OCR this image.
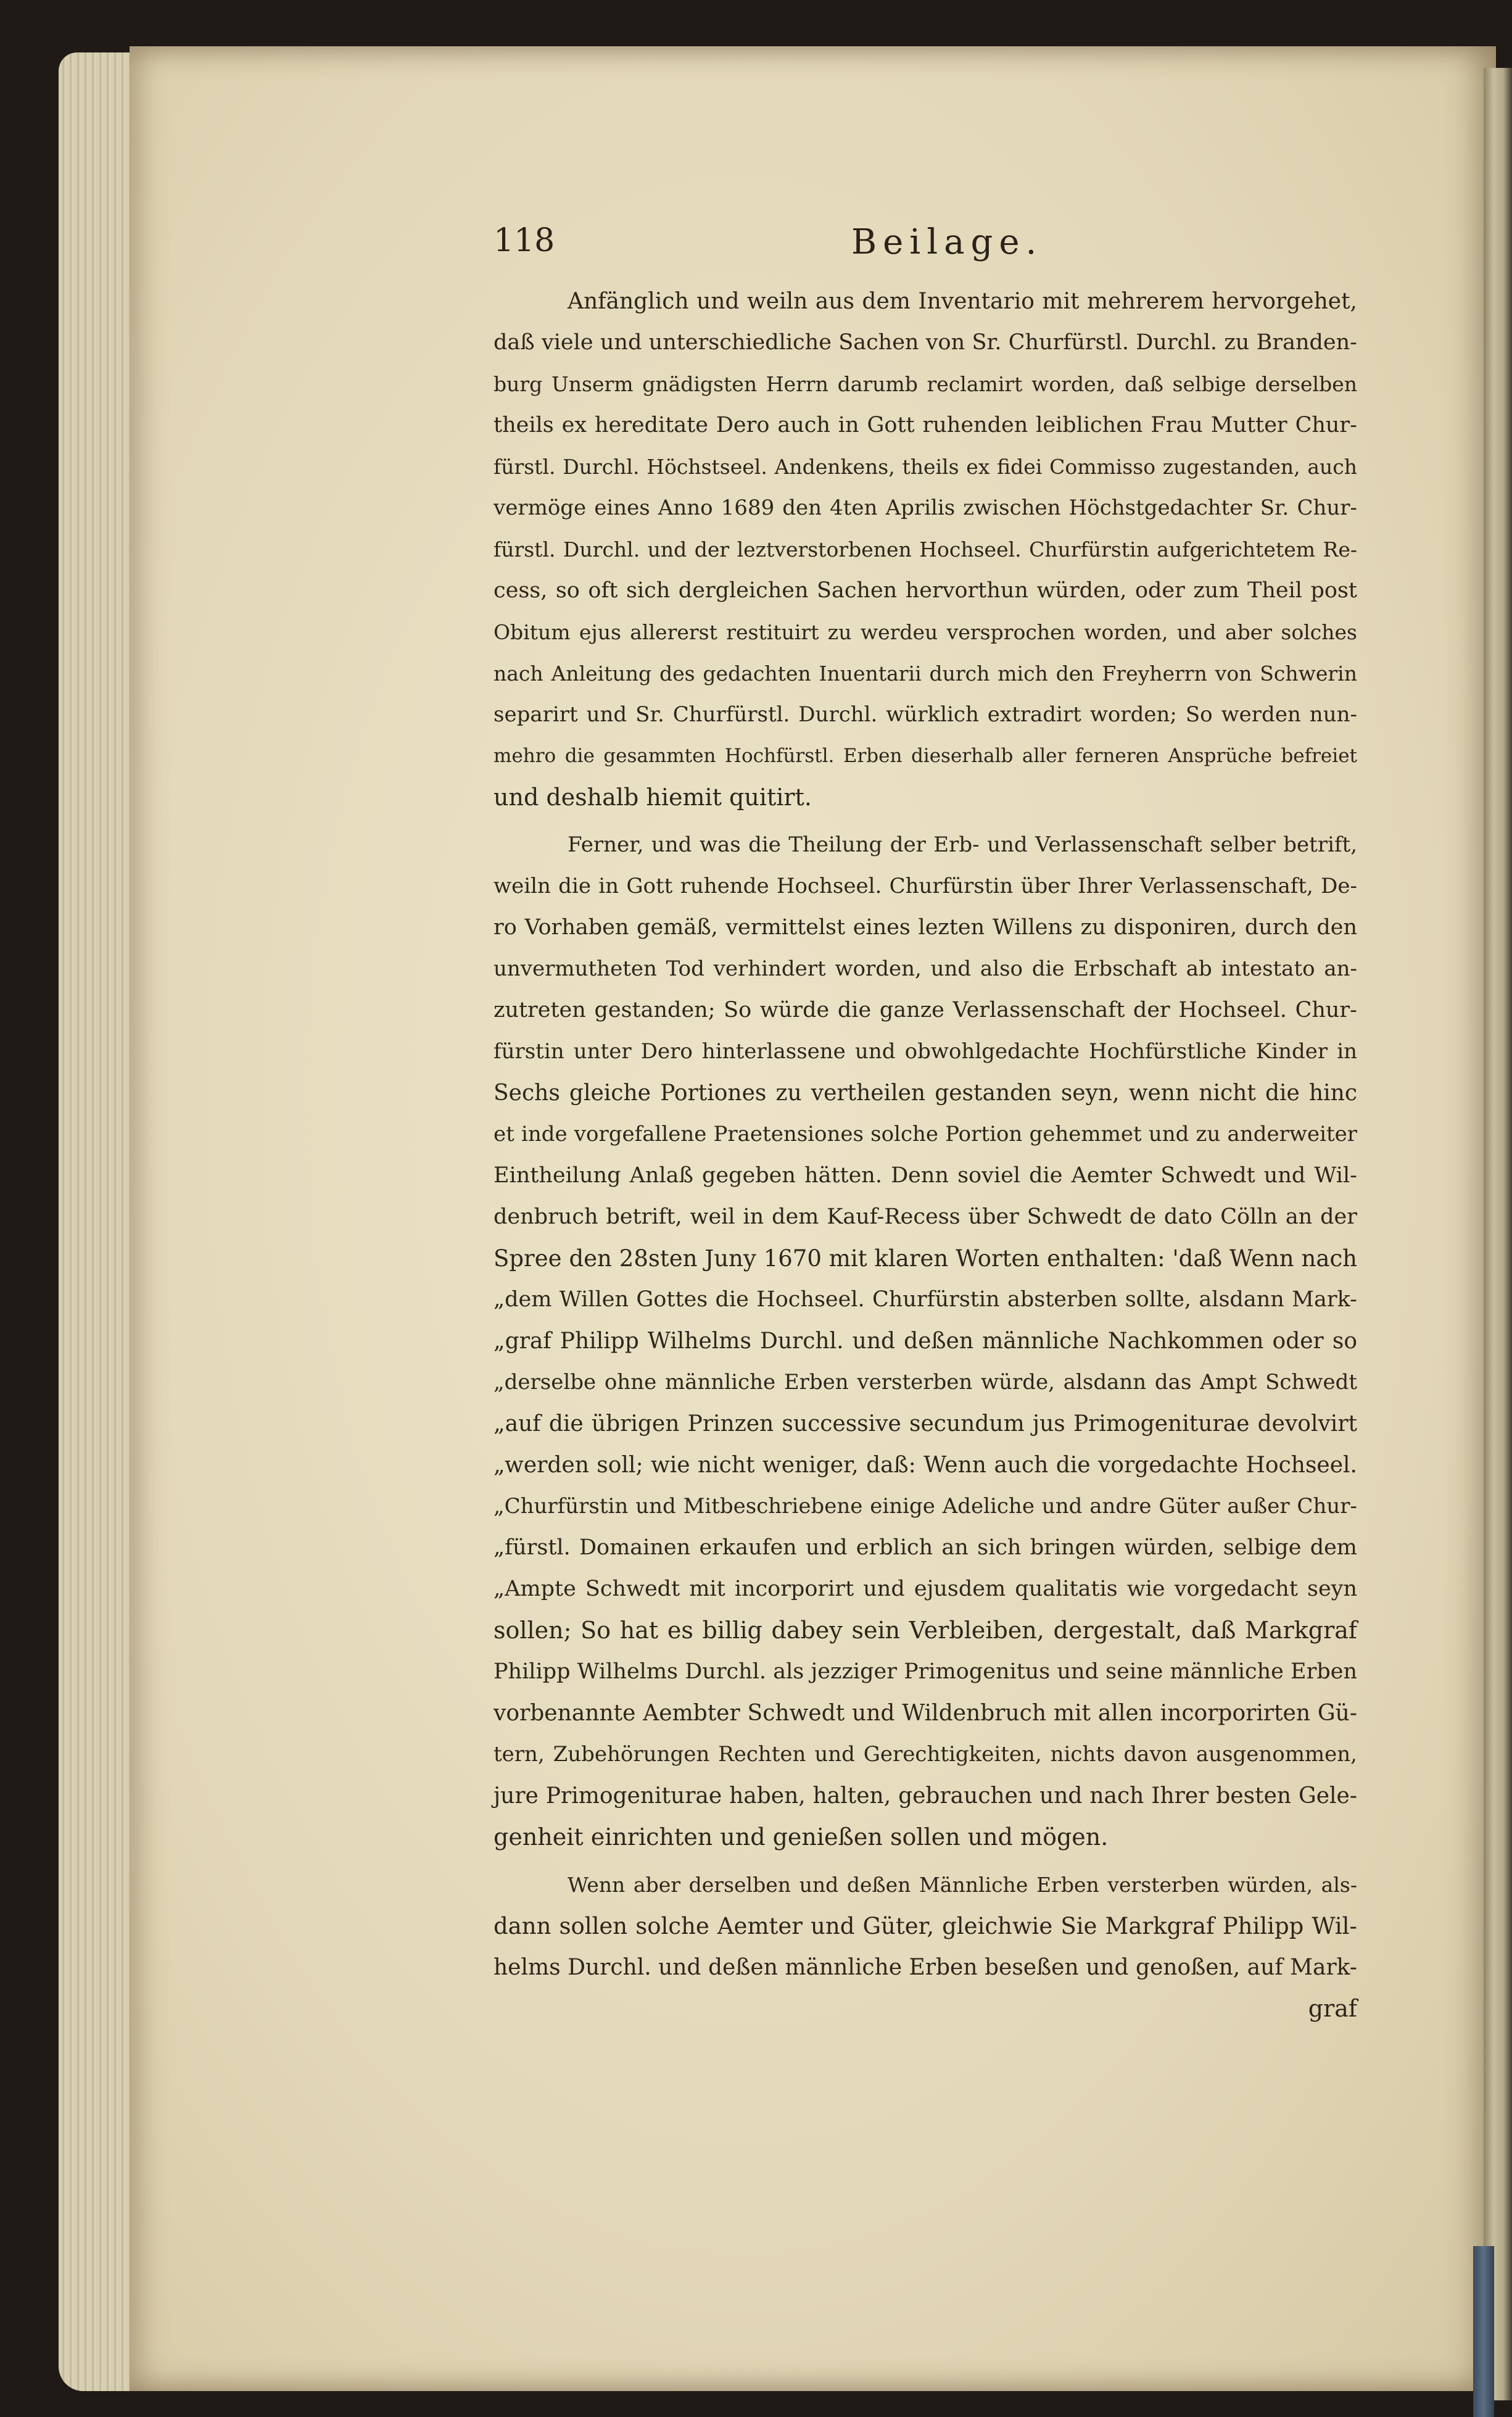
118	Beilage.
Anfänglich und weiln aus dem Inventario mit mehrerem hervorgehet,
daß viele und unterschiedliche Sachen von Sr. Churfürstl. Durchl. zu Branden-
burg Unserm gnädigsten Herrn darumb reclamirt worden, daß selbige derselben
theils ex hereditate Dero auch in Gott ruhenden leiblichen Frau Mutter Chur-
fürstl. Durchl. Höchstseel. Andenkens, theils ex fidei Commisso zugestanden, auch
vermöge eines Anno 1689 den 4ten Aprilis zwischen Höchstgedachter Sr. Chur-
fürstl. Durchl. und der leztverstorbenen Hochseel. Churfürstin aufgerichtetem Re-
cess, so oft sich dergleichen Sachen hervorthun würden, oder zum Theil post
Obitum ejus allererst restituirt zu werdeu versprochen worden, und aber solches
nach Anleitung des gedachten Inuentarii durch mich den Freyherrn von Schwerin
separirt und Sr. Churfürstl. Durchl. würklich extradirt worden; So werden nun-
mehro die gesammten Hochfürstl. Erben dieserhalb aller ferneren Ansprüche befreiet
und deshalb hiemit quitirt.
Ferner, und was die Theilung der Erb- und Verlassenschaft selber betrift,
weiln die in Gott ruhende Hochseel. Churfürstin über Ihrer Verlassenschaft, De-
ro Vorhaben gemäß, vermittelst eines lezten Willens zu disponiren, durch den
unvermutheten Tod verhindert worden, und also die Erbschaft ab intestato an-
zutreten gestanden; So würde die ganze Verlassenschaft der Hochseel. Chur-
fürstin unter Dero hinterlassene und obwohlgedachte Hochfürstliche Kinder in
Sechs gleiche Portiones zu vertheilen gestanden seyn, wenn nicht die hinc
et inde vorgefallene Praetensiones solche Portion gehemmet und zu anderweiter
Eintheilung Anlaß gegeben hätten. Denn soviel die Aemter Schwedt und Wil-
denbruch betrift, weil in dem Kauf-Recess über Schwedt de dato Cölln an der
Spree den 28sten Juny 1670 mit klaren Worten enthalten: 'daß Wenn nach
„dem Willen Gottes die Hochseel. Churfürstin absterben sollte, alsdann Mark-
„graf Philipp Wilhelms Durchl. und deßen männliche Nachkommen oder so
„derselbe ohne männliche Erben versterben würde, alsdann das Ampt Schwedt
„auf die übrigen Prinzen successive secundum jus Primogeniturae devolvirt
„werden soll; wie nicht weniger, daß: Wenn auch die vorgedachte Hochseel.
„Churfürstin und Mitbeschriebene einige Adeliche und andre Güter außer Chur-
„fürstl. Domainen erkaufen und erblich an sich bringen würden, selbige dem
„Ampte Schwedt mit incorporirt und ejusdem qualitatis wie vorgedacht seyn
sollen; So hat es billig dabey sein Verbleiben, dergestalt, daß Markgraf
Philipp Wilhelms Durchl. als jezziger Primogenitus und seine männliche Erben
vorbenannte Aembter Schwedt und Wildenbruch mit allen incorporirten Gü-
tern, Zubehörungen Rechten und Gerechtigkeiten, nichts davon ausgenommen,
jure Primogeniturae haben, halten, gebrauchen und nach Ihrer besten Gele-
genheit einrichten und genießen sollen und mögen.
Wenn aber derselben und deßen Männliche Erben versterben würden, als-
dann sollen solche Aemter und Güter, gleichwie Sie Markgraf Philipp Wil-
helms Durchl. und deßen männliche Erben beseßen und genoßen, auf Mark-
graf
